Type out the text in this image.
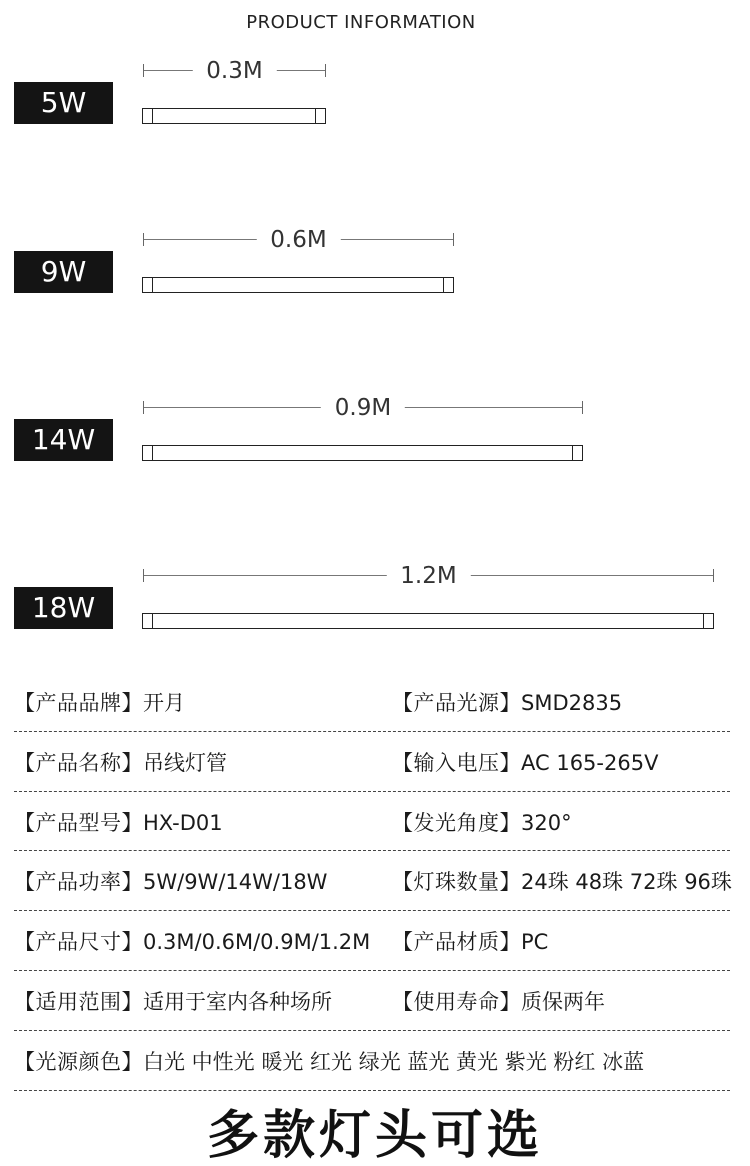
PRODUCT INFORMATION
0.3M
5W
0.6M
9W
0.9M
14W
1.2M
18W
【产品品牌】开月	【产品光源】SMD2835
【产品名称】吊线灯管	【输入电压】AC 165-265V
【产品型号】HX-D01	【发光角度】320°
【产品功率】5W/9W/14W/18W	【灯珠数量】24珠 48珠 72珠 96珠
【产品尺寸】0.3M/0.6M/0.9M/1.2M 【产品材质】PC
【适用范围】适用于室内各种场所	【使用寿命】质保两年
【光源颜色】白光 中性光 暖光 红光 绿光 蓝光 黄光 紫光 粉红 冰蓝
多款灯头可选
